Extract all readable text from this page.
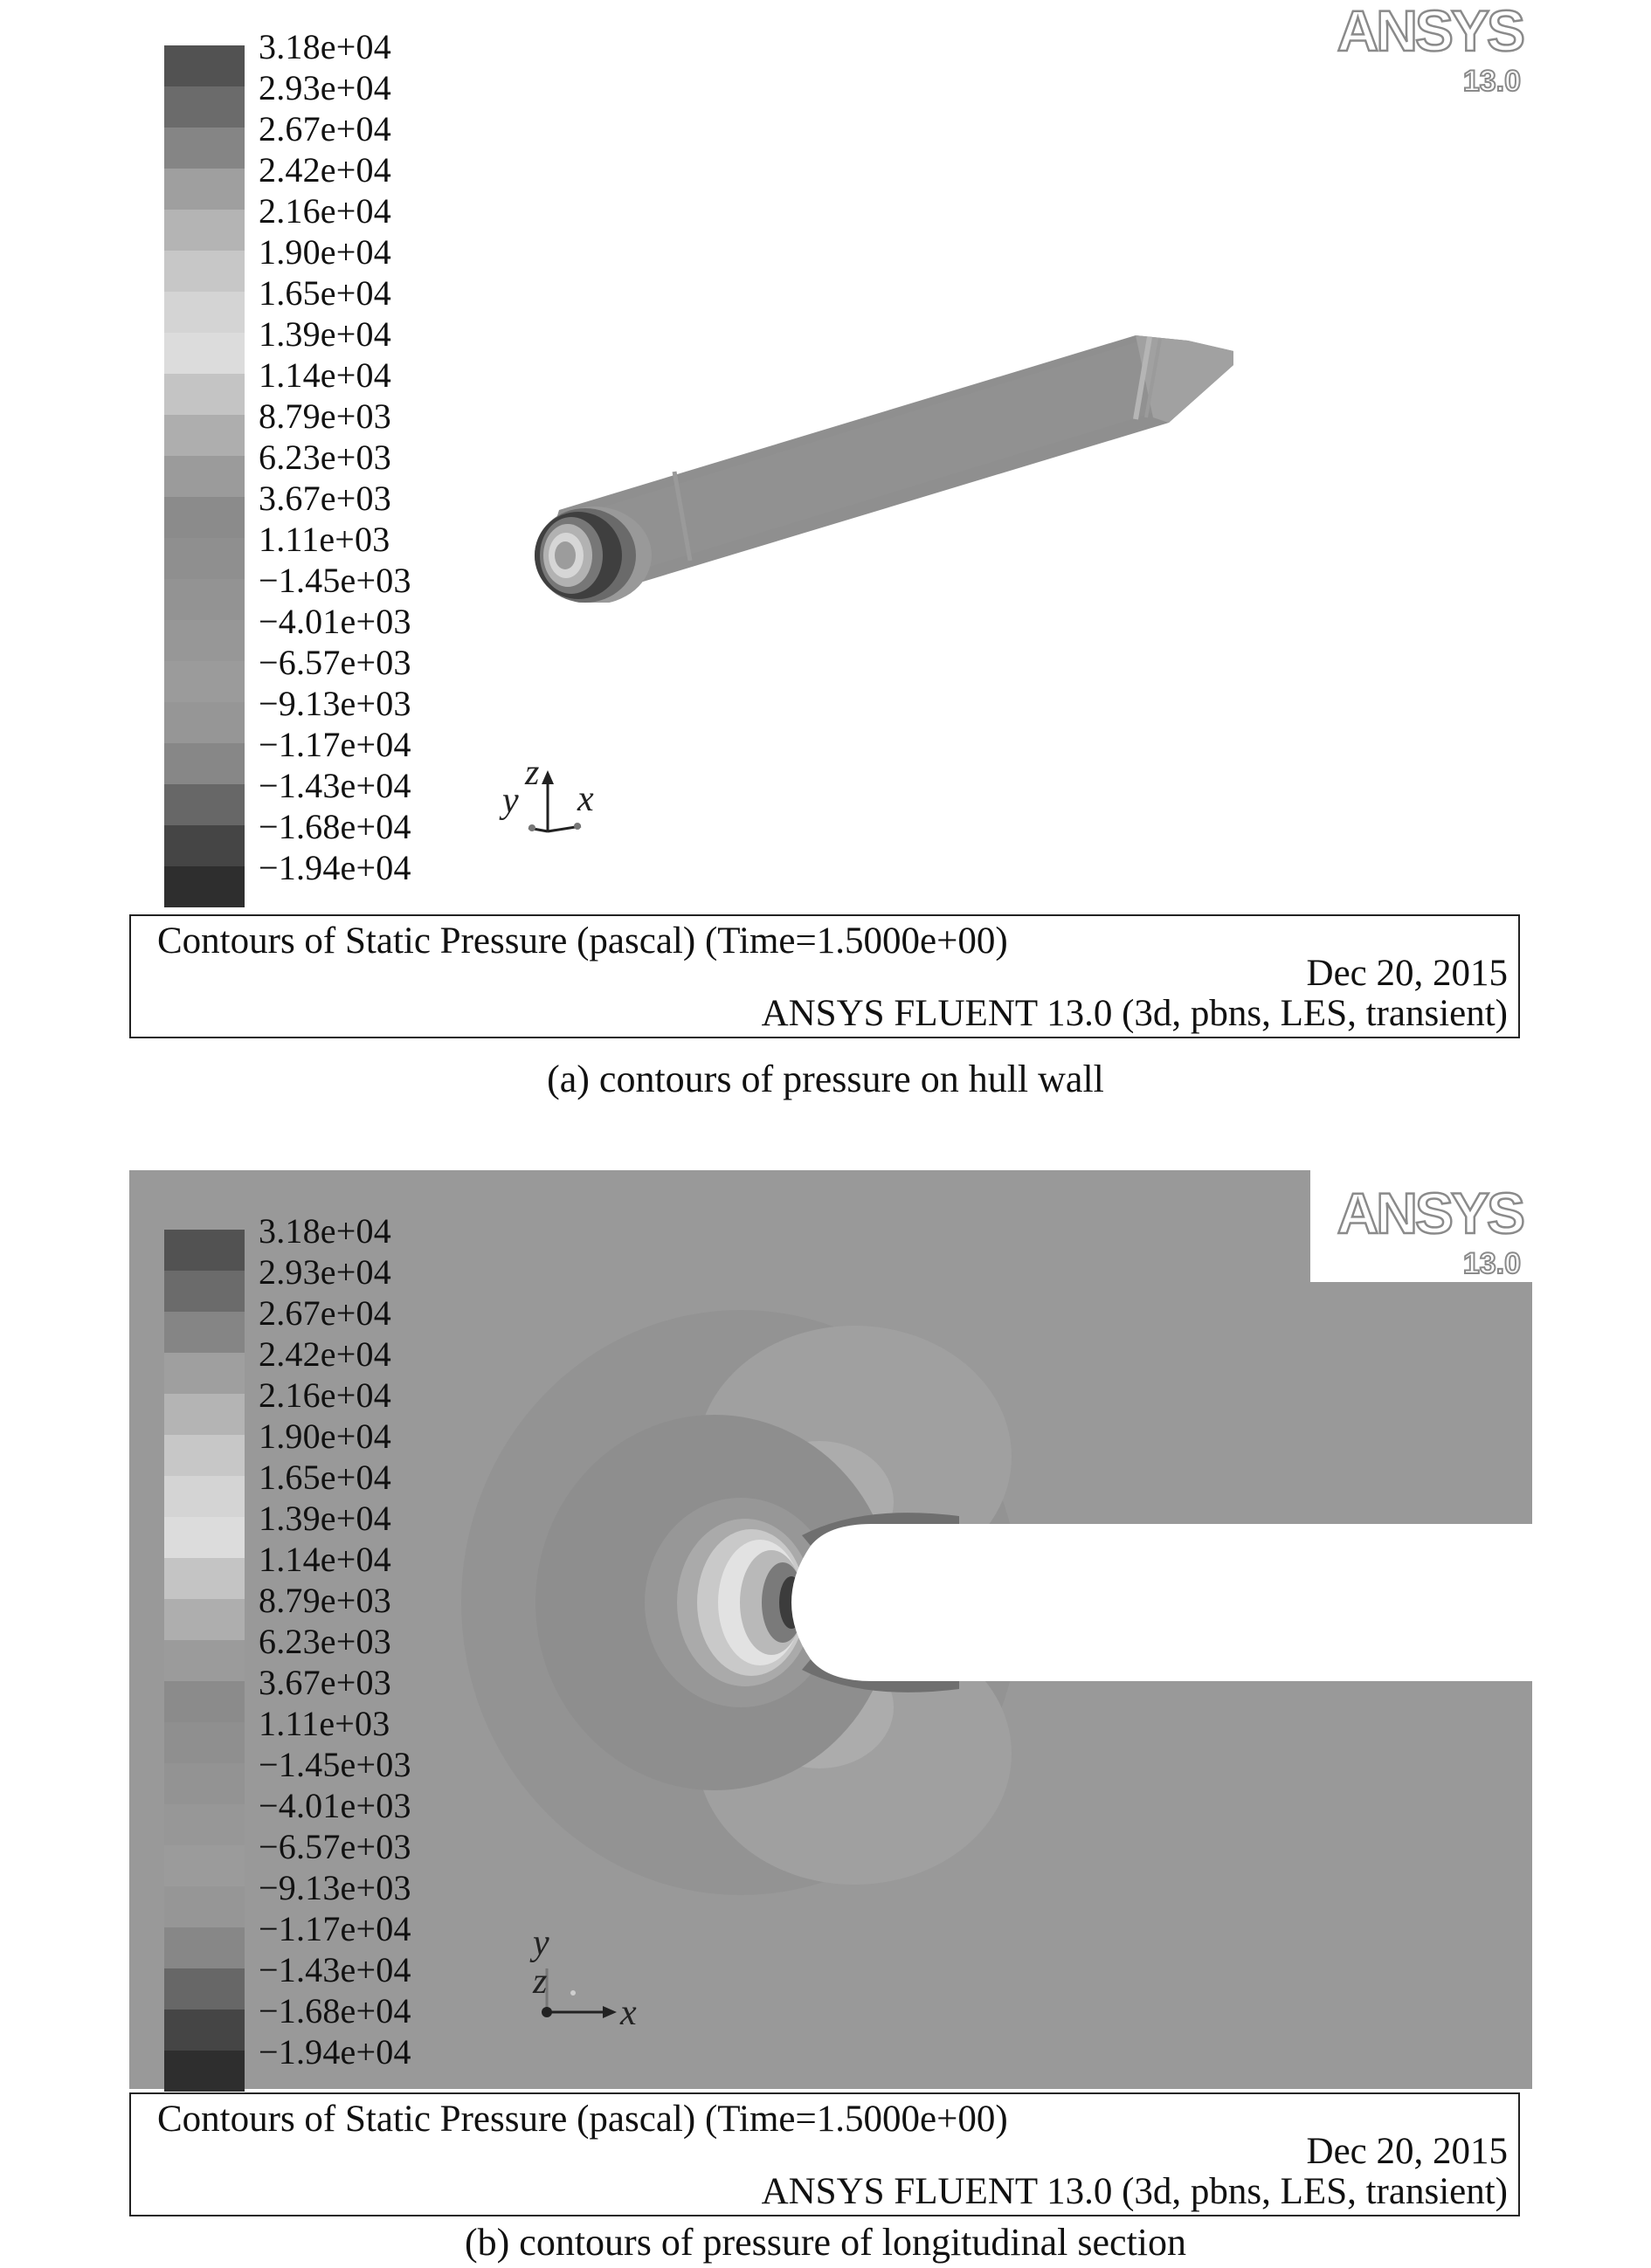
3.18e+04
2.93e+04
2.67e+04
2.42e+04
2.16e+04
1.90e+04
1.65e+04
1.39e+04
1.14e+04
8.79e+03
6.23e+03
3.67e+03
1.11e+03
−1.45e+03
−4.01e+03
−6.57e+03
−9.13e+03
−1.17e+04
−1.43e+04
−1.68e+04
−1.94e+04
ANSYS
13.0
z
y x
Contours of Static Pressure (pascal) (Time=1.5000e+00)
Dec 20, 2015
ANSYS FLUENT 13.0 (3d, pbns, LES, transient)
(a) contours of pressure on hull wall
3.18e+04
2.93e+04
2.67e+04
2.42e+04
2.16e+04
1.90e+04
1.65e+04
1.39e+04
1.14e+04
8.79e+03
6.23e+03
3.67e+03
1.11e+03
−1.45e+03
−4.01e+03
−6.57e+03
−9.13e+03
−1.17e+04
−1.43e+04
−1.68e+04
−1.94e+04
ANSYS
13.0
y
z
x
Contours of Static Pressure (pascal) (Time=1.5000e+00)
Dec 20, 2015
ANSYS FLUENT 13.0 (3d, pbns, LES, transient)
(b) contours of pressure of longitudinal section
